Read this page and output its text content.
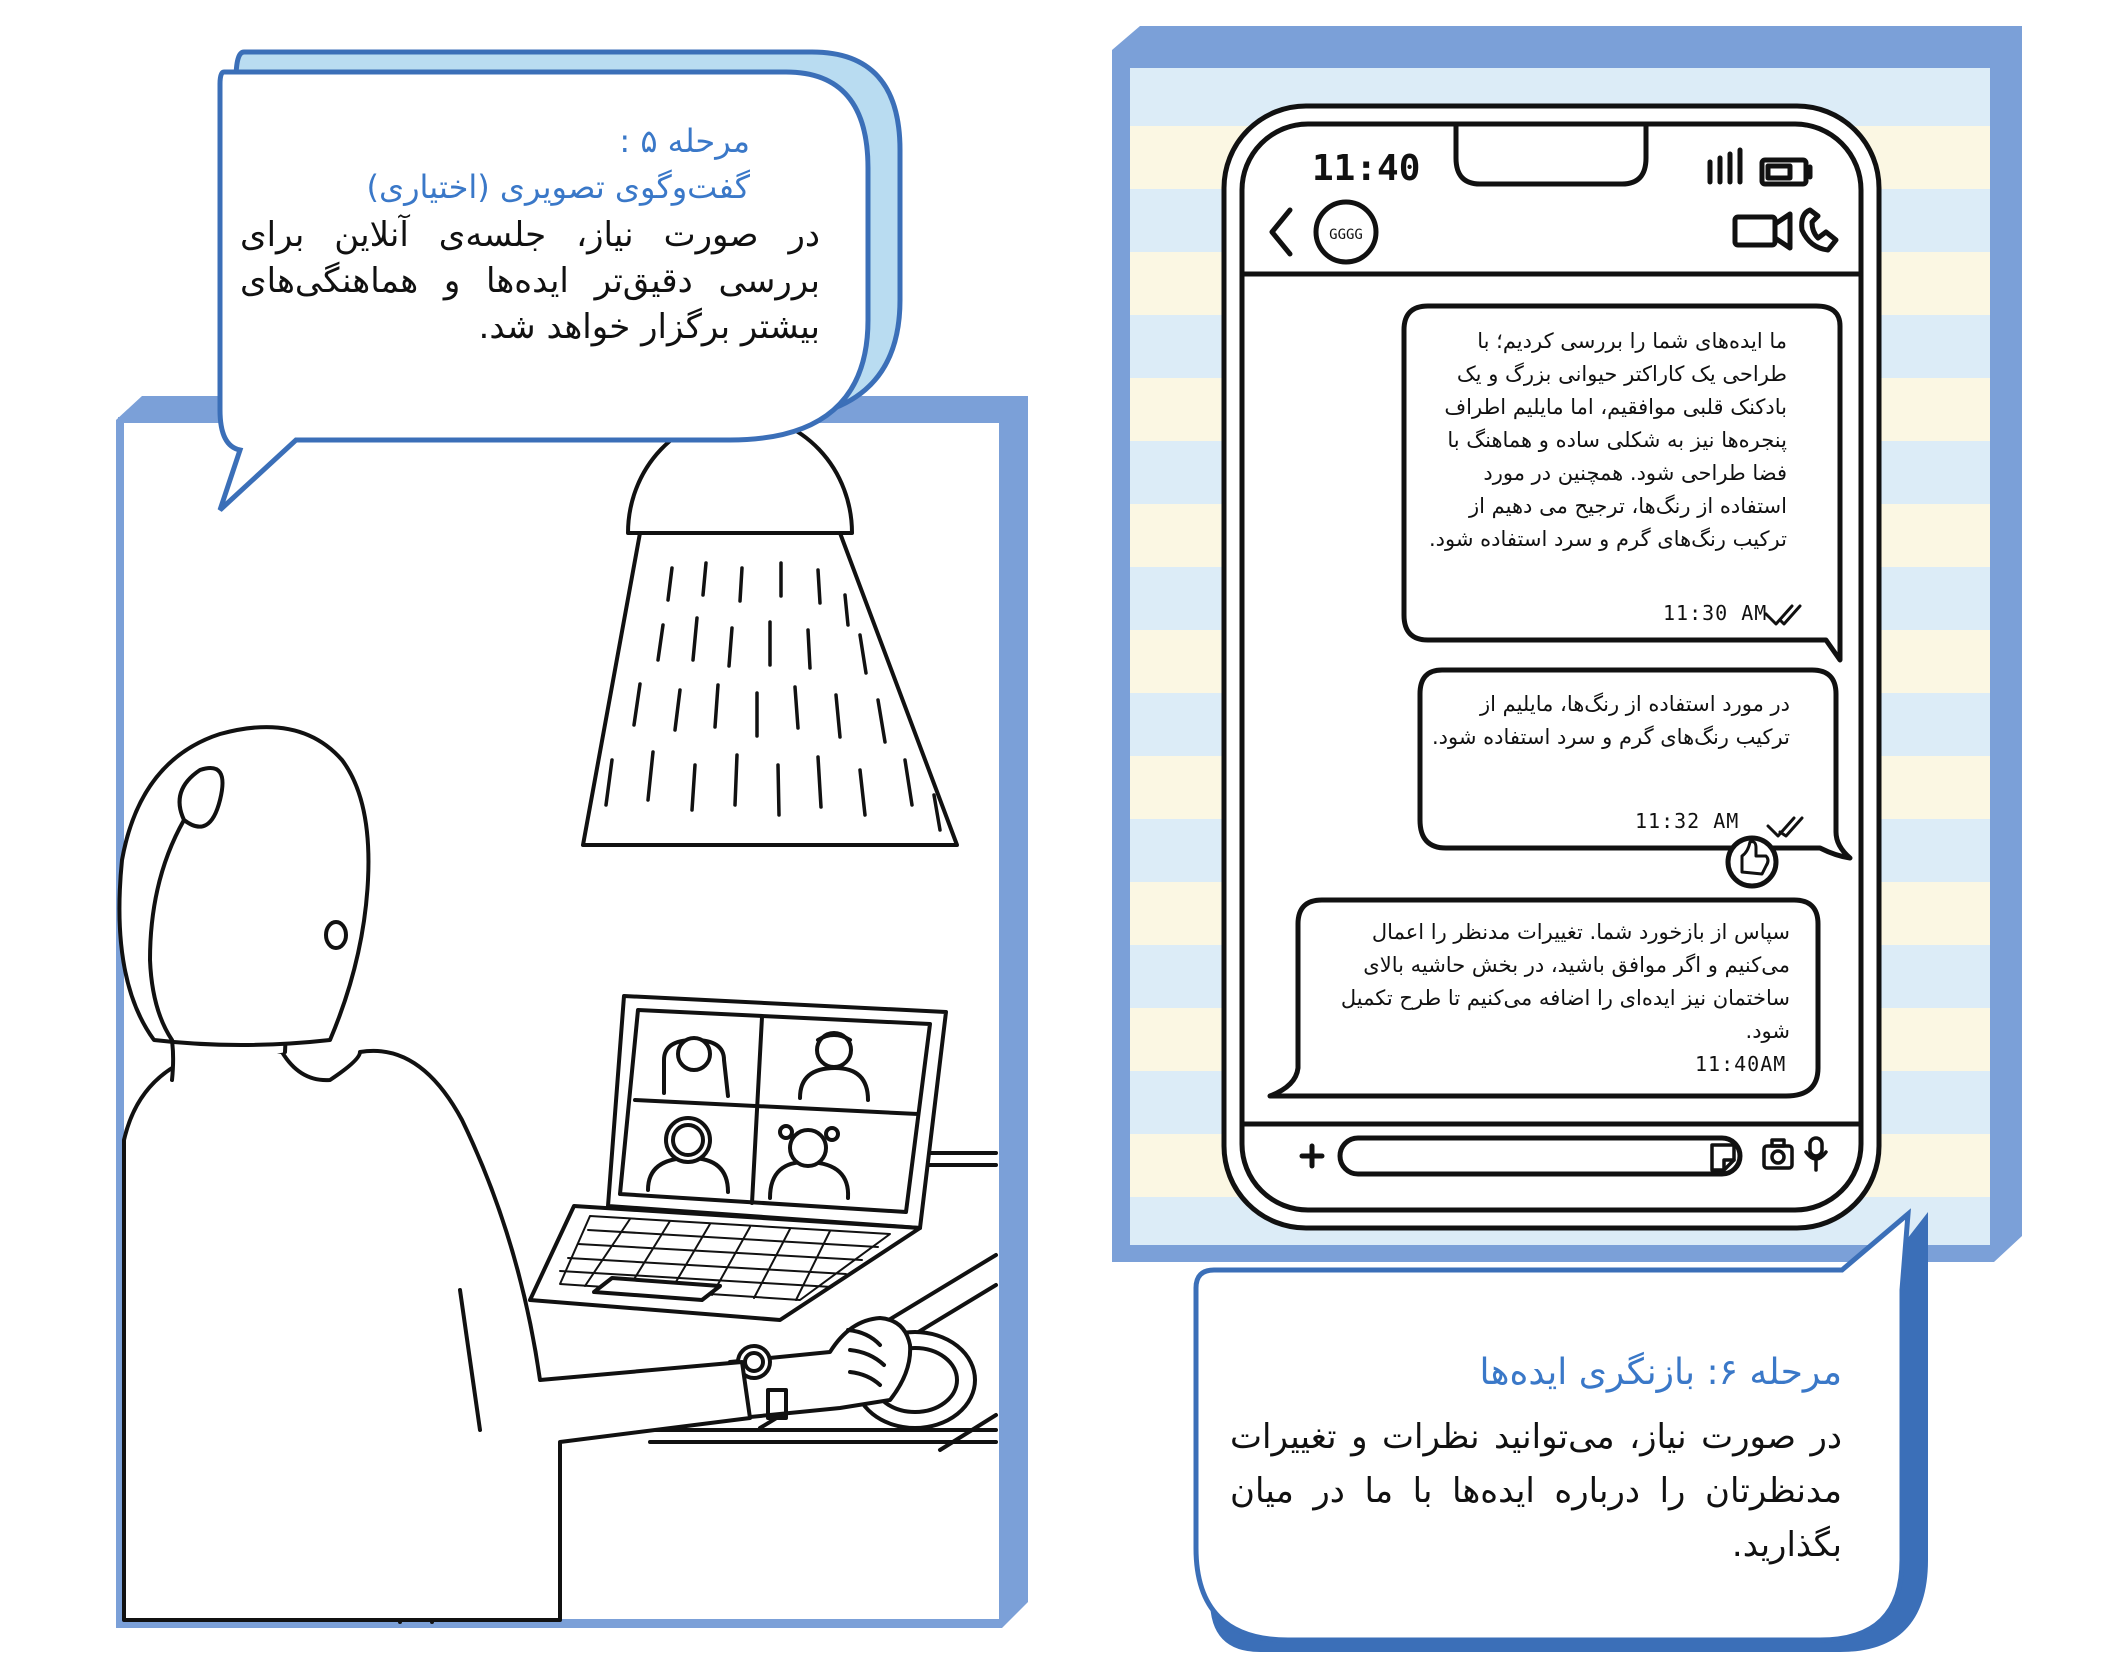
GGGG
مرحله ۵ :
گفت‌وگوی تصویری (اختیاری)
در صورت نیاز، جلسه‌ی آنلاین برای بررسی دقیق‌تر ایده‌ها و هماهنگی‌های بیشتر برگزار خواهد شد.
مرحله ۶: بازنگری ایده‌ها
در صورت نیاز، می‌توانید نظرات و تغییرات مدنظرتان را درباره ایده‌ها با ما در میان بگذارید.
11:40
ما ایده‌های شما را بررسی کردیم؛ با طراحی یک کاراکتر حیوانی بزرگ و یک بادکنک قلبی موافقیم، اما مایلیم اطراف پنجره‌ها نیز به شکلی ساده و هماهنگ با فضا طراحی شود. همچنین در مورد استفاده از رنگ‌ها، ترجیح می دهیم از ترکیب رنگ‌های گرم و سرد استفاده شود.
11:30 AM
در مورد استفاده از رنگ‌ها، مایلیم از ترکیب رنگ‌های گرم و سرد استفاده شود.
11:32 AM
سپاس از بازخورد شما. تغییرات مدنظر را اعمال می‌کنیم و اگر موافق باشید، در بخش حاشیه بالای ساختمان نیز ایده‌ای را اضافه می‌کنیم تا طرح تکمیل شود.
11:40AM
